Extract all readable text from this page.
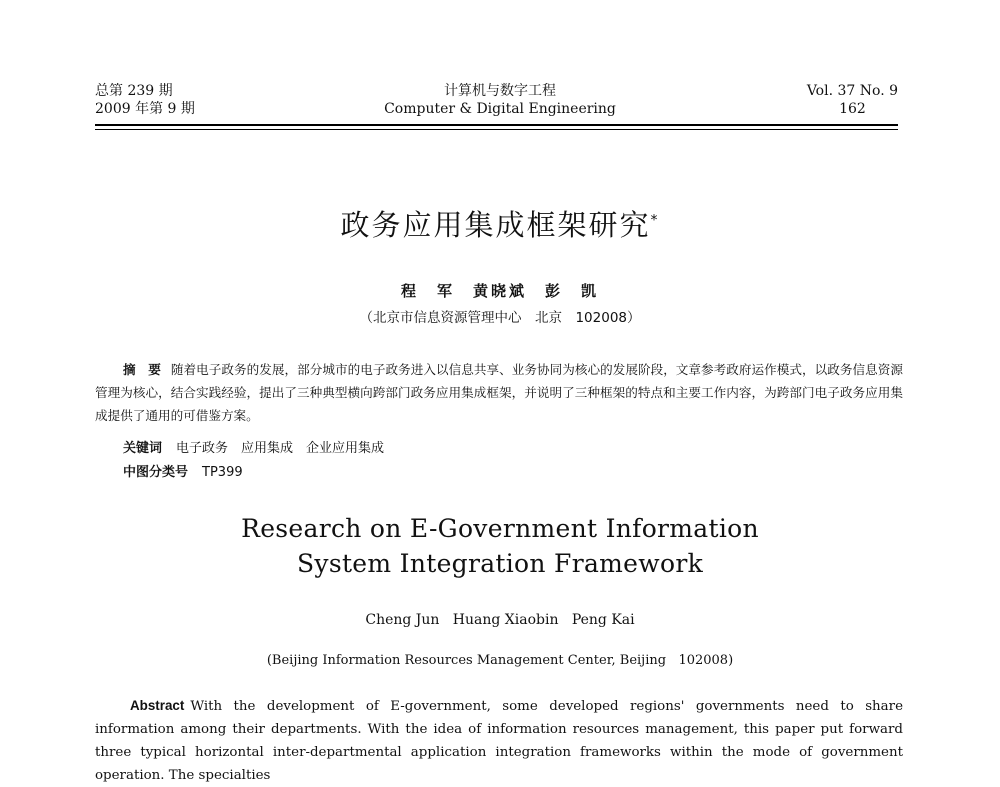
总第 239 期
2009 年第 9 期
计算机与数字工程
Computer & Digital Engineering
Vol. 37 No. 9
162
政务应用集成框架研究*
程　军　黄晓斌　彭　凯
（北京市信息资源管理中心　北京　102008）
摘　要 随着电子政务的发展，部分城市的电子政务进入以信息共享、业务协同为核心的发展阶段，文章参考政府运作模式，以政务信息资源管理为核心，结合实践经验，提出了三种典型横向跨部门政务应用集成框架，并说明了三种框架的特点和主要工作内容，为跨部门电子政务应用集成提供了通用的可借鉴方案。
关键词 电子政务　应用集成　企业应用集成
中图分类号 TP399
Research on E-Government Information
System Integration Framework
Cheng Jun   Huang Xiaobin   Peng Kai
(Beijing Information Resources Management Center, Beijing   102008)
Abstract With the development of E-government, some developed regions' governments need to share information among their departments. With the idea of information resources management, this paper put forward three typical horizontal inter-departmental application integration frameworks within the mode of government operation. The specialties
